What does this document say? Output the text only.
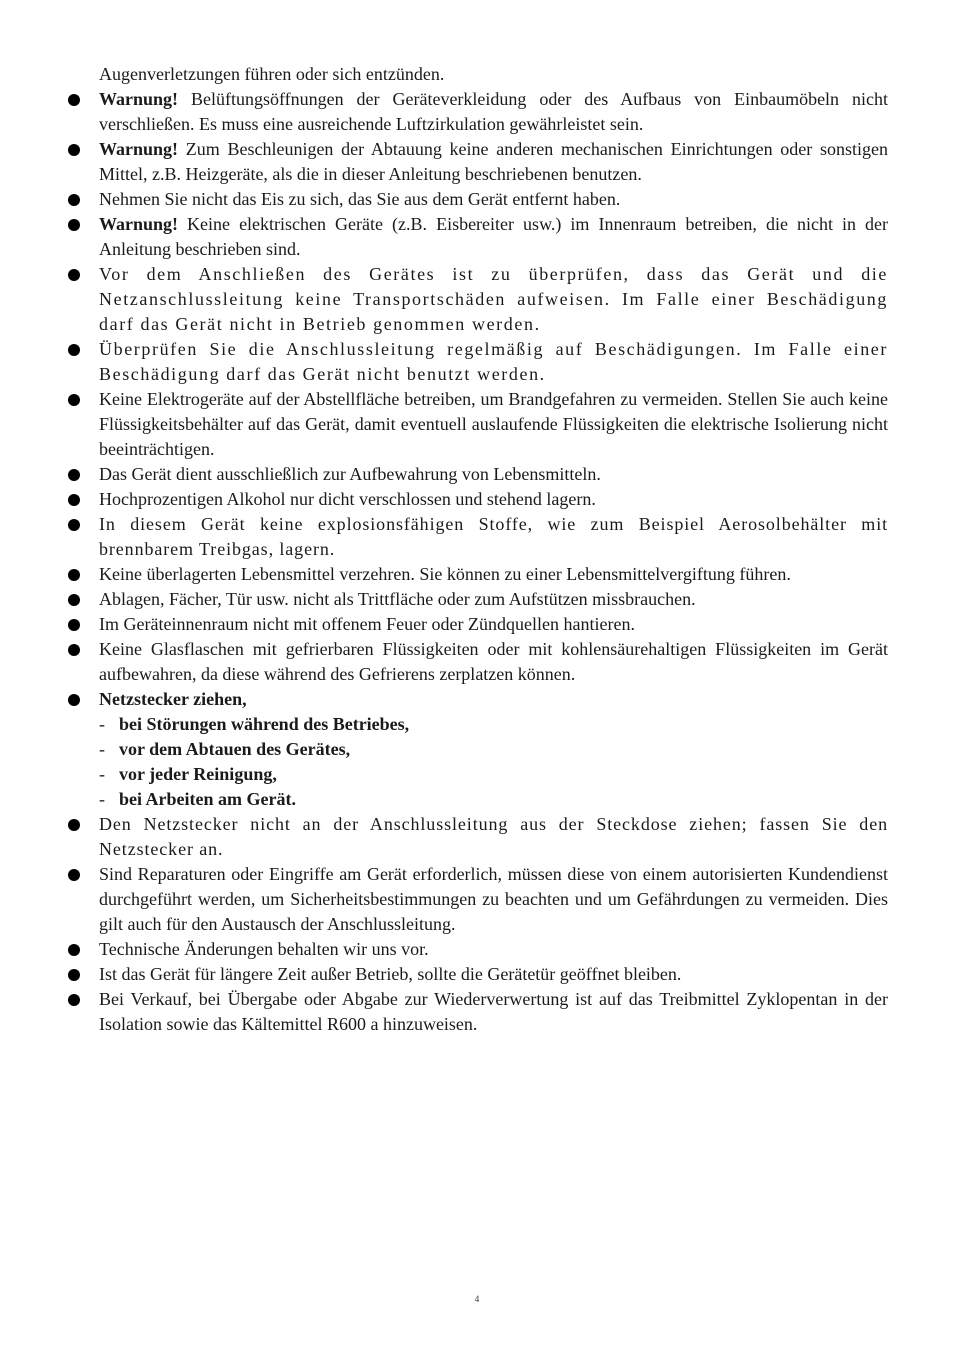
Augenverletzungen führen oder sich entzünden.
Warnung! Belüftungsöffnungen der Geräteverkleidung oder des Aufbaus von Einbaumöbeln nicht verschließen. Es muss eine ausreichende Luftzirkulation gewährleistet sein.
Warnung! Zum Beschleunigen der Abtauung keine anderen mechanischen Einrichtungen oder sonstigen Mittel, z.B. Heizgeräte, als die in dieser Anleitung beschriebenen benutzen.
Nehmen Sie nicht das Eis zu sich, das Sie aus dem Gerät entfernt haben.
Warnung! Keine elektrischen Geräte (z.B. Eisbereiter usw.) im Innenraum betreiben, die nicht in der Anleitung beschrieben sind.
Vor dem Anschließen des Gerätes ist zu überprüfen, dass das Gerät und die Netzanschlussleitung keine Transportschäden aufweisen. Im Falle einer Beschädigung darf das Gerät nicht in Betrieb genommen werden.
Überprüfen Sie die Anschlussleitung regelmäßig auf Beschädigungen. Im Falle einer Beschädigung darf das Gerät nicht benutzt werden.
Keine Elektrogeräte auf der Abstellfläche betreiben, um Brandgefahren zu vermeiden. Stellen Sie auch keine Flüssigkeitsbehälter auf das Gerät, damit eventuell auslaufende Flüssigkeiten die elektrische Isolierung nicht beeinträchtigen.
Das Gerät dient ausschließlich zur Aufbewahrung von Lebensmitteln.
Hochprozentigen Alkohol nur dicht verschlossen und stehend lagern.
In diesem Gerät keine explosionsfähigen Stoffe, wie zum Beispiel Aerosolbehälter mit brennbarem Treibgas, lagern.
Keine überlagerten Lebensmittel verzehren. Sie können zu einer Lebensmittelvergiftung führen.
Ablagen, Fächer, Tür usw. nicht als Trittfläche oder zum Aufstützen missbrauchen.
Im Geräteinnenraum nicht mit offenem Feuer oder Zündquellen hantieren.
Keine Glasflaschen mit gefrierbaren Flüssigkeiten oder mit kohlensäurehaltigen Flüssigkeiten im Gerät aufbewahren, da diese während des Gefrierens zerplatzen können.
Netzstecker ziehen,
- bei Störungen während des Betriebes,
- vor dem Abtauen des Gerätes,
- vor jeder Reinigung,
- bei Arbeiten am Gerät.
Den Netzstecker nicht an der Anschlussleitung aus der Steckdose ziehen; fassen Sie den Netzstecker an.
Sind Reparaturen oder Eingriffe am Gerät erforderlich, müssen diese von einem autorisierten Kundendienst durchgeführt werden, um Sicherheitsbestimmungen zu beachten und um Gefährdungen zu vermeiden. Dies gilt auch für den Austausch der Anschlussleitung.
Technische Änderungen behalten wir uns vor.
Ist das Gerät für längere Zeit außer Betrieb, sollte die Gerätetür geöffnet bleiben.
Bei Verkauf, bei Übergabe oder Abgabe zur Wiederverwertung ist auf das Treibmittel Zyklopentan in der Isolation sowie das Kältemittel R600 a hinzuweisen.
4
